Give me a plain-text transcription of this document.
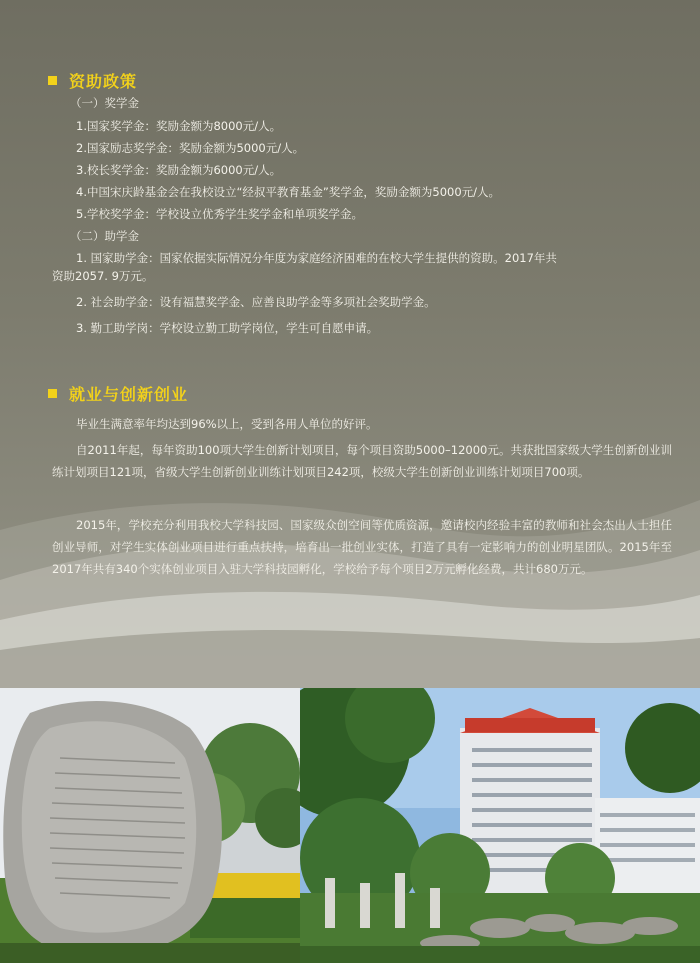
资助政策
（一）奖学金
1.国家奖学金：奖励金额为8000元/人。
2.国家励志奖学金：奖励金额为5000元/人。
3.校长奖学金：奖励金额为6000元/人。
4.中国宋庆龄基金会在我校设立“经叔平教育基金”奖学金，奖励金额为5000元/人。
5.学校奖学金：学校设立优秀学生奖学金和单项奖学金。
（二）助学金
1. 国家助学金：国家依据实际情况分年度为家庭经济困难的在校大学生提供的资助。2017年共
资助2057. 9万元。
2. 社会助学金：设有福慧奖学金、应善良助学金等多项社会奖助学金。
3. 勤工助学岗：学校设立勤工助学岗位，学生可自愿申请。
就业与创新创业
毕业生满意率年均达到96%以上，受到各用人单位的好评。
自2011年起，每年资助100项大学生创新计划项目，每个项目资助5000–12000元。共获批国家级大学生创新创业训练计划项目121项，省级大学生创新创业训练计划项目242项，校级大学生创新创业训练计划项目700项。
2015年，学校充分利用我校大学科技园、国家级众创空间等优质资源，邀请校内经验丰富的教师和社会杰出人士担任创业导师，对学生实体创业项目进行重点扶持，培育出一批创业实体，打造了具有一定影响力的创业明星团队。2015年至2017年共有340个实体创业项目入驻大学科技园孵化，学校给予每个项目2万元孵化经费，共计680万元。
